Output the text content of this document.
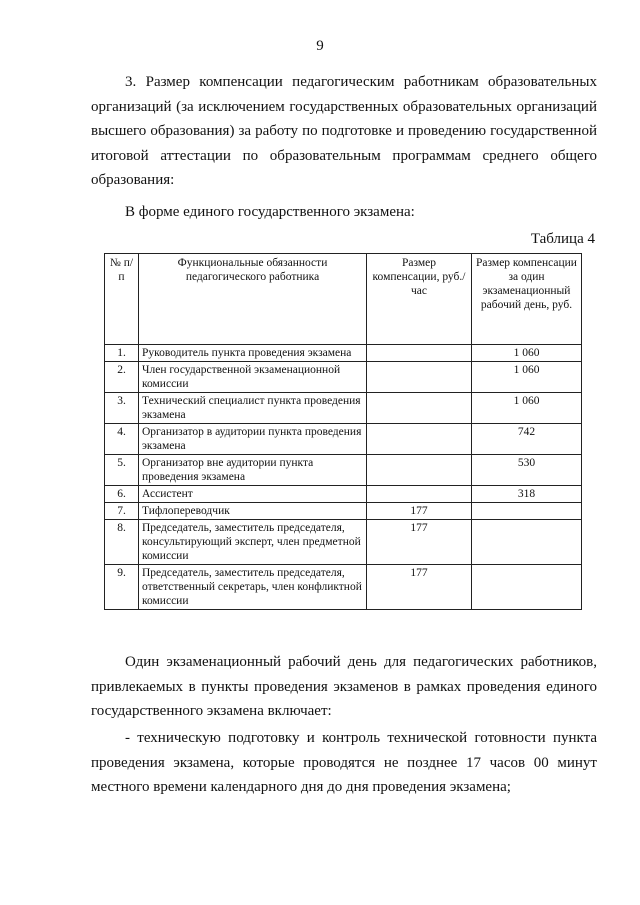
9

3. Размер компенсации педагогическим работникам образовательных организаций (за исключением государственных образовательных организаций высшего образования) за работу по подготовке и проведению государственной итоговой аттестации по образовательным программам среднего общего образования:

В форме единого государственного экзамена:

Таблица 4
№ п/п	Функциональные обязанности педагогического работника	Размер компенсации, руб./час	Размер компенсации за один экзаменационный рабочий день, руб.
1.	Руководитель пункта проведения экзамена		1 060
2.	Член государственной экзаменационной комиссии		1 060
3.	Технический специалист пункта проведения экзамена		1 060
4.	Организатор в аудитории пункта проведения экзамена		742
5.	Организатор вне аудитории пункта проведения экзамена		530
6.	Ассистент		318
7.	Тифлопереводчик	177	
8.	Председатель, заместитель председателя, консультирующий эксперт, член предметной комиссии	177	
9.	Председатель, заместитель председателя, ответственный секретарь, член конфликтной комиссии	177	

Один экзаменационный рабочий день для педагогических работников, привлекаемых в пункты проведения экзаменов в рамках проведения единого государственного экзамена включает:

- техническую подготовку и контроль технической готовности пункта проведения экзамена, которые проводятся не позднее 17 часов 00 минут местного времени календарного дня до дня проведения экзамена;
